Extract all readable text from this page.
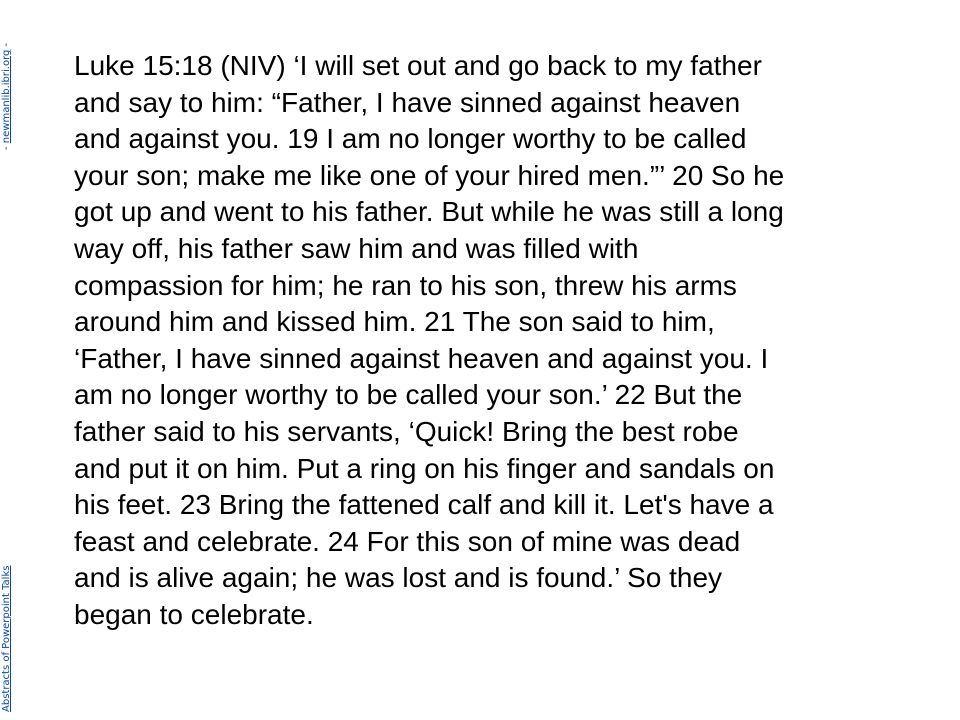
Abstracts of Powerpoint Talks
- newmanlib.ibri.org -
Luke 15:18 (NIV) ‘I will set out and go back to my father
and say to him: “Father, I have sinned against heaven
and against you. 19 I am no longer worthy to be called
your son; make me like one of your hired men.”’ 20 So he
got up and went to his father. But while he was still a long
way off, his father saw him and was filled with
compassion for him; he ran to his son, threw his arms
around him and kissed him. 21 The son said to him,
‘Father, I have sinned against heaven and against you. I
am no longer worthy to be called your son.’ 22 But the
father said to his servants, ‘Quick! Bring the best robe
and put it on him. Put a ring on his finger and sandals on
his feet. 23 Bring the fattened calf and kill it. Let's have a
feast and celebrate. 24 For this son of mine was dead
and is alive again; he was lost and is found.’ So they
began to celebrate.
